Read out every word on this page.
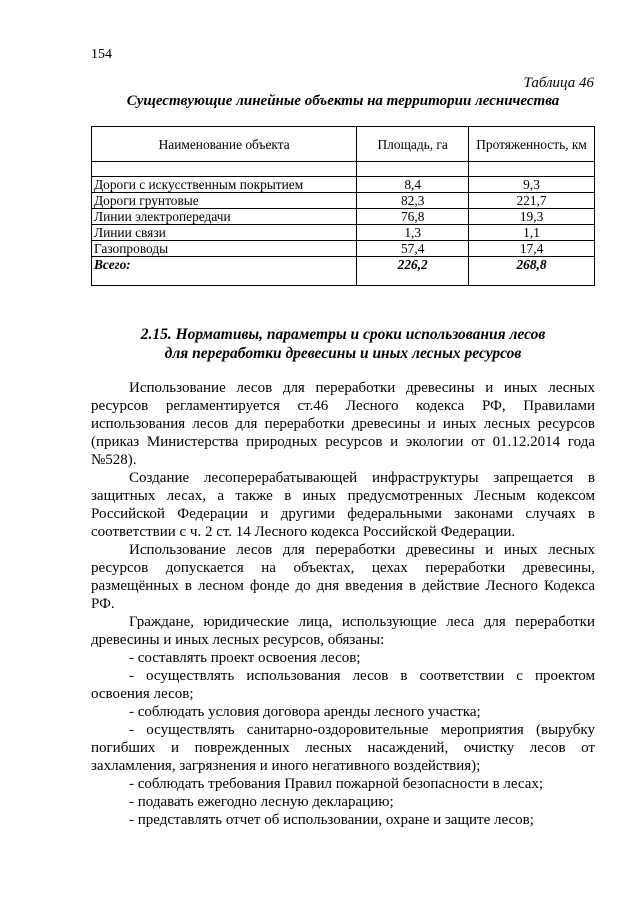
154
Таблица 46
Существующие линейные объекты на территории лесничества
Наименование объекта	Площадь, га	Протяженность, км

Дороги с искусственным покрытием	8,4	9,3
Дороги грунтовые	82,3	221,7
Линии электропередачи	76,8	19,3
Линии связи	1,3	1,1
Газопроводы	57,4	17,4
Всего:	226,2	268,8
2.15. Нормативы, параметры и сроки использования лесов
для переработки древесины и иных лесных ресурсов

Использование лесов для переработки древесины и иных лесных ресурсов регламентируется ст.46 Лесного кодекса РФ, Правилами использования лесов для переработки древесины и иных лесных ресурсов (приказ Министерства природных ресурсов и экологии от 01.12.2014 года №528).

Создание лесоперерабатывающей инфраструктуры запрещается в защитных лесах, а также в иных предусмотренных Лесным кодексом Российской Федерации и другими федеральными законами случаях в соответствии с ч. 2 ст. 14 Лесного кодекса Российской Федерации.

Использование лесов для переработки древесины и иных лесных ресурсов допускается на объектах, цехах переработки древесины, размещённых в лесном фонде до дня введения в действие Лесного Кодекса РФ.

Граждане, юридические лица, использующие леса для переработки древесины и иных лесных ресурсов, обязаны:

- составлять проект освоения лесов;

- осуществлять использования лесов в соответствии с проектом освоения лесов;

- соблюдать условия договора аренды лесного участка;

- осуществлять санитарно-оздоровительные мероприятия (вырубку погибших и поврежденных лесных насаждений, очистку лесов от захламления, загрязнения и иного негативного воздействия);

- соблюдать требования Правил пожарной безопасности в лесах;

- подавать ежегодно лесную декларацию;

- представлять отчет об использовании, охране и защите лесов;
